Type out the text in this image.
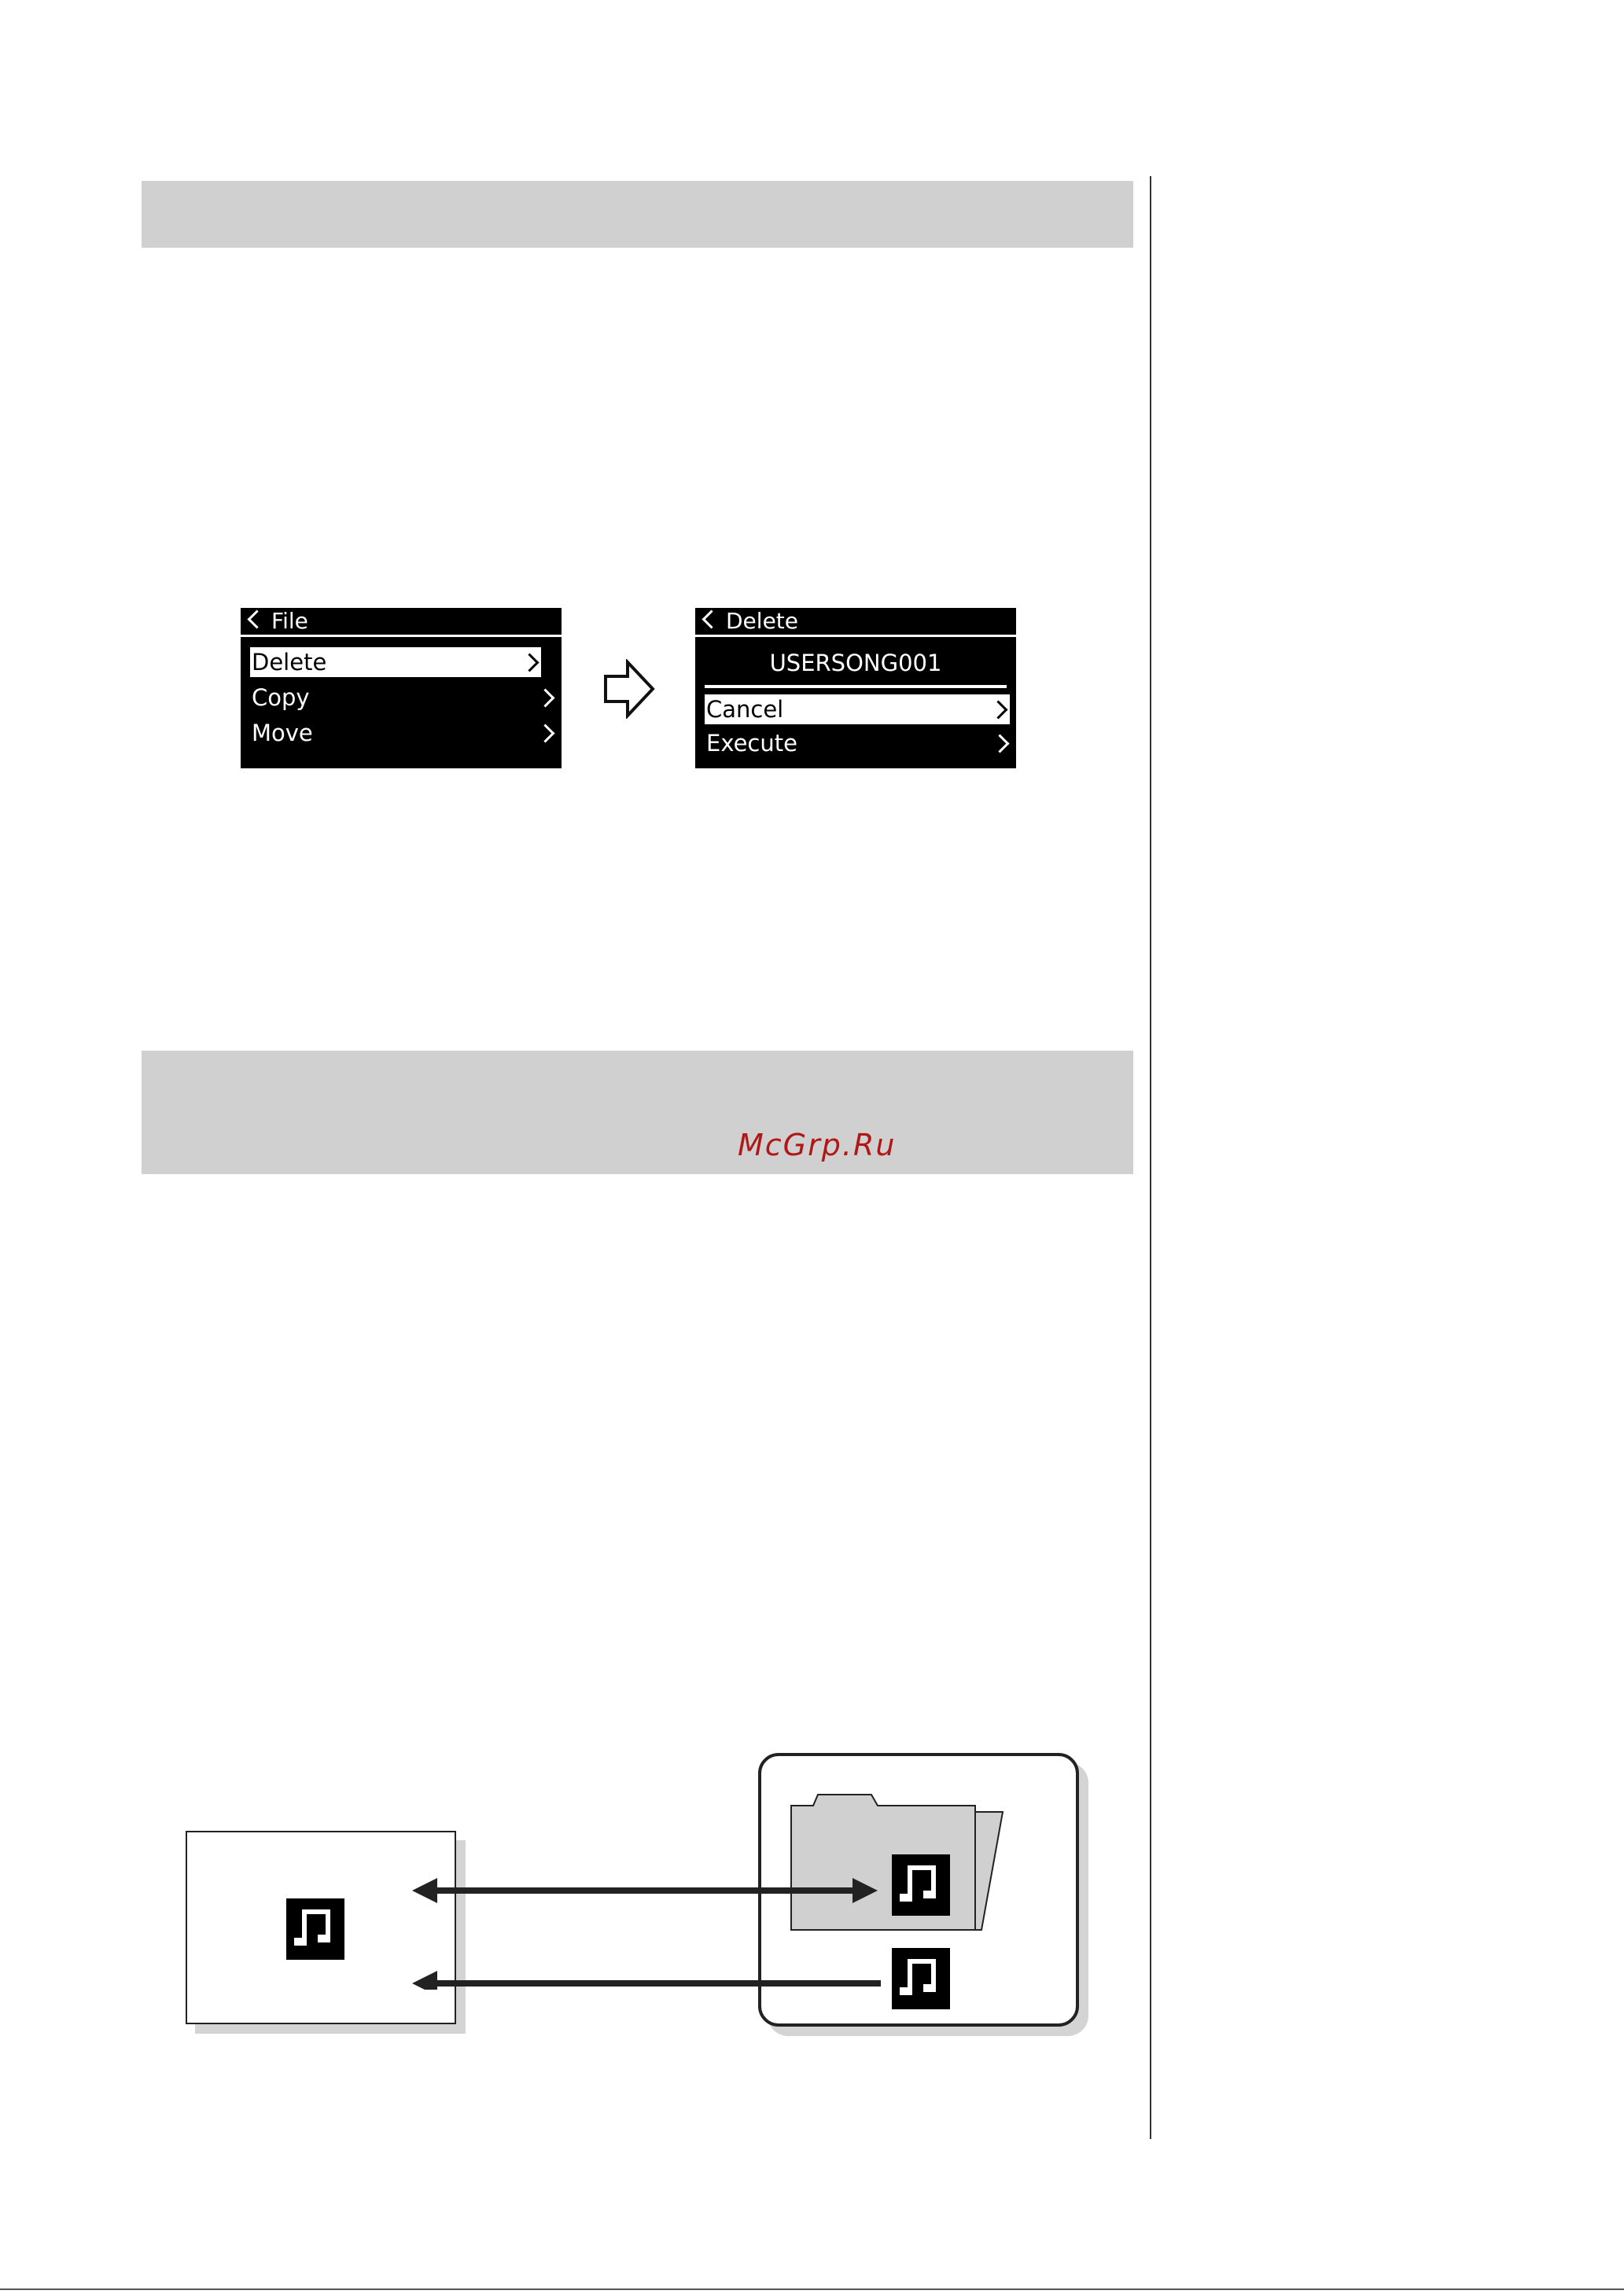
File
Delete
Copy
Move
Delete
USERSONG001
Cancel
Execute
McGrp.Ru
